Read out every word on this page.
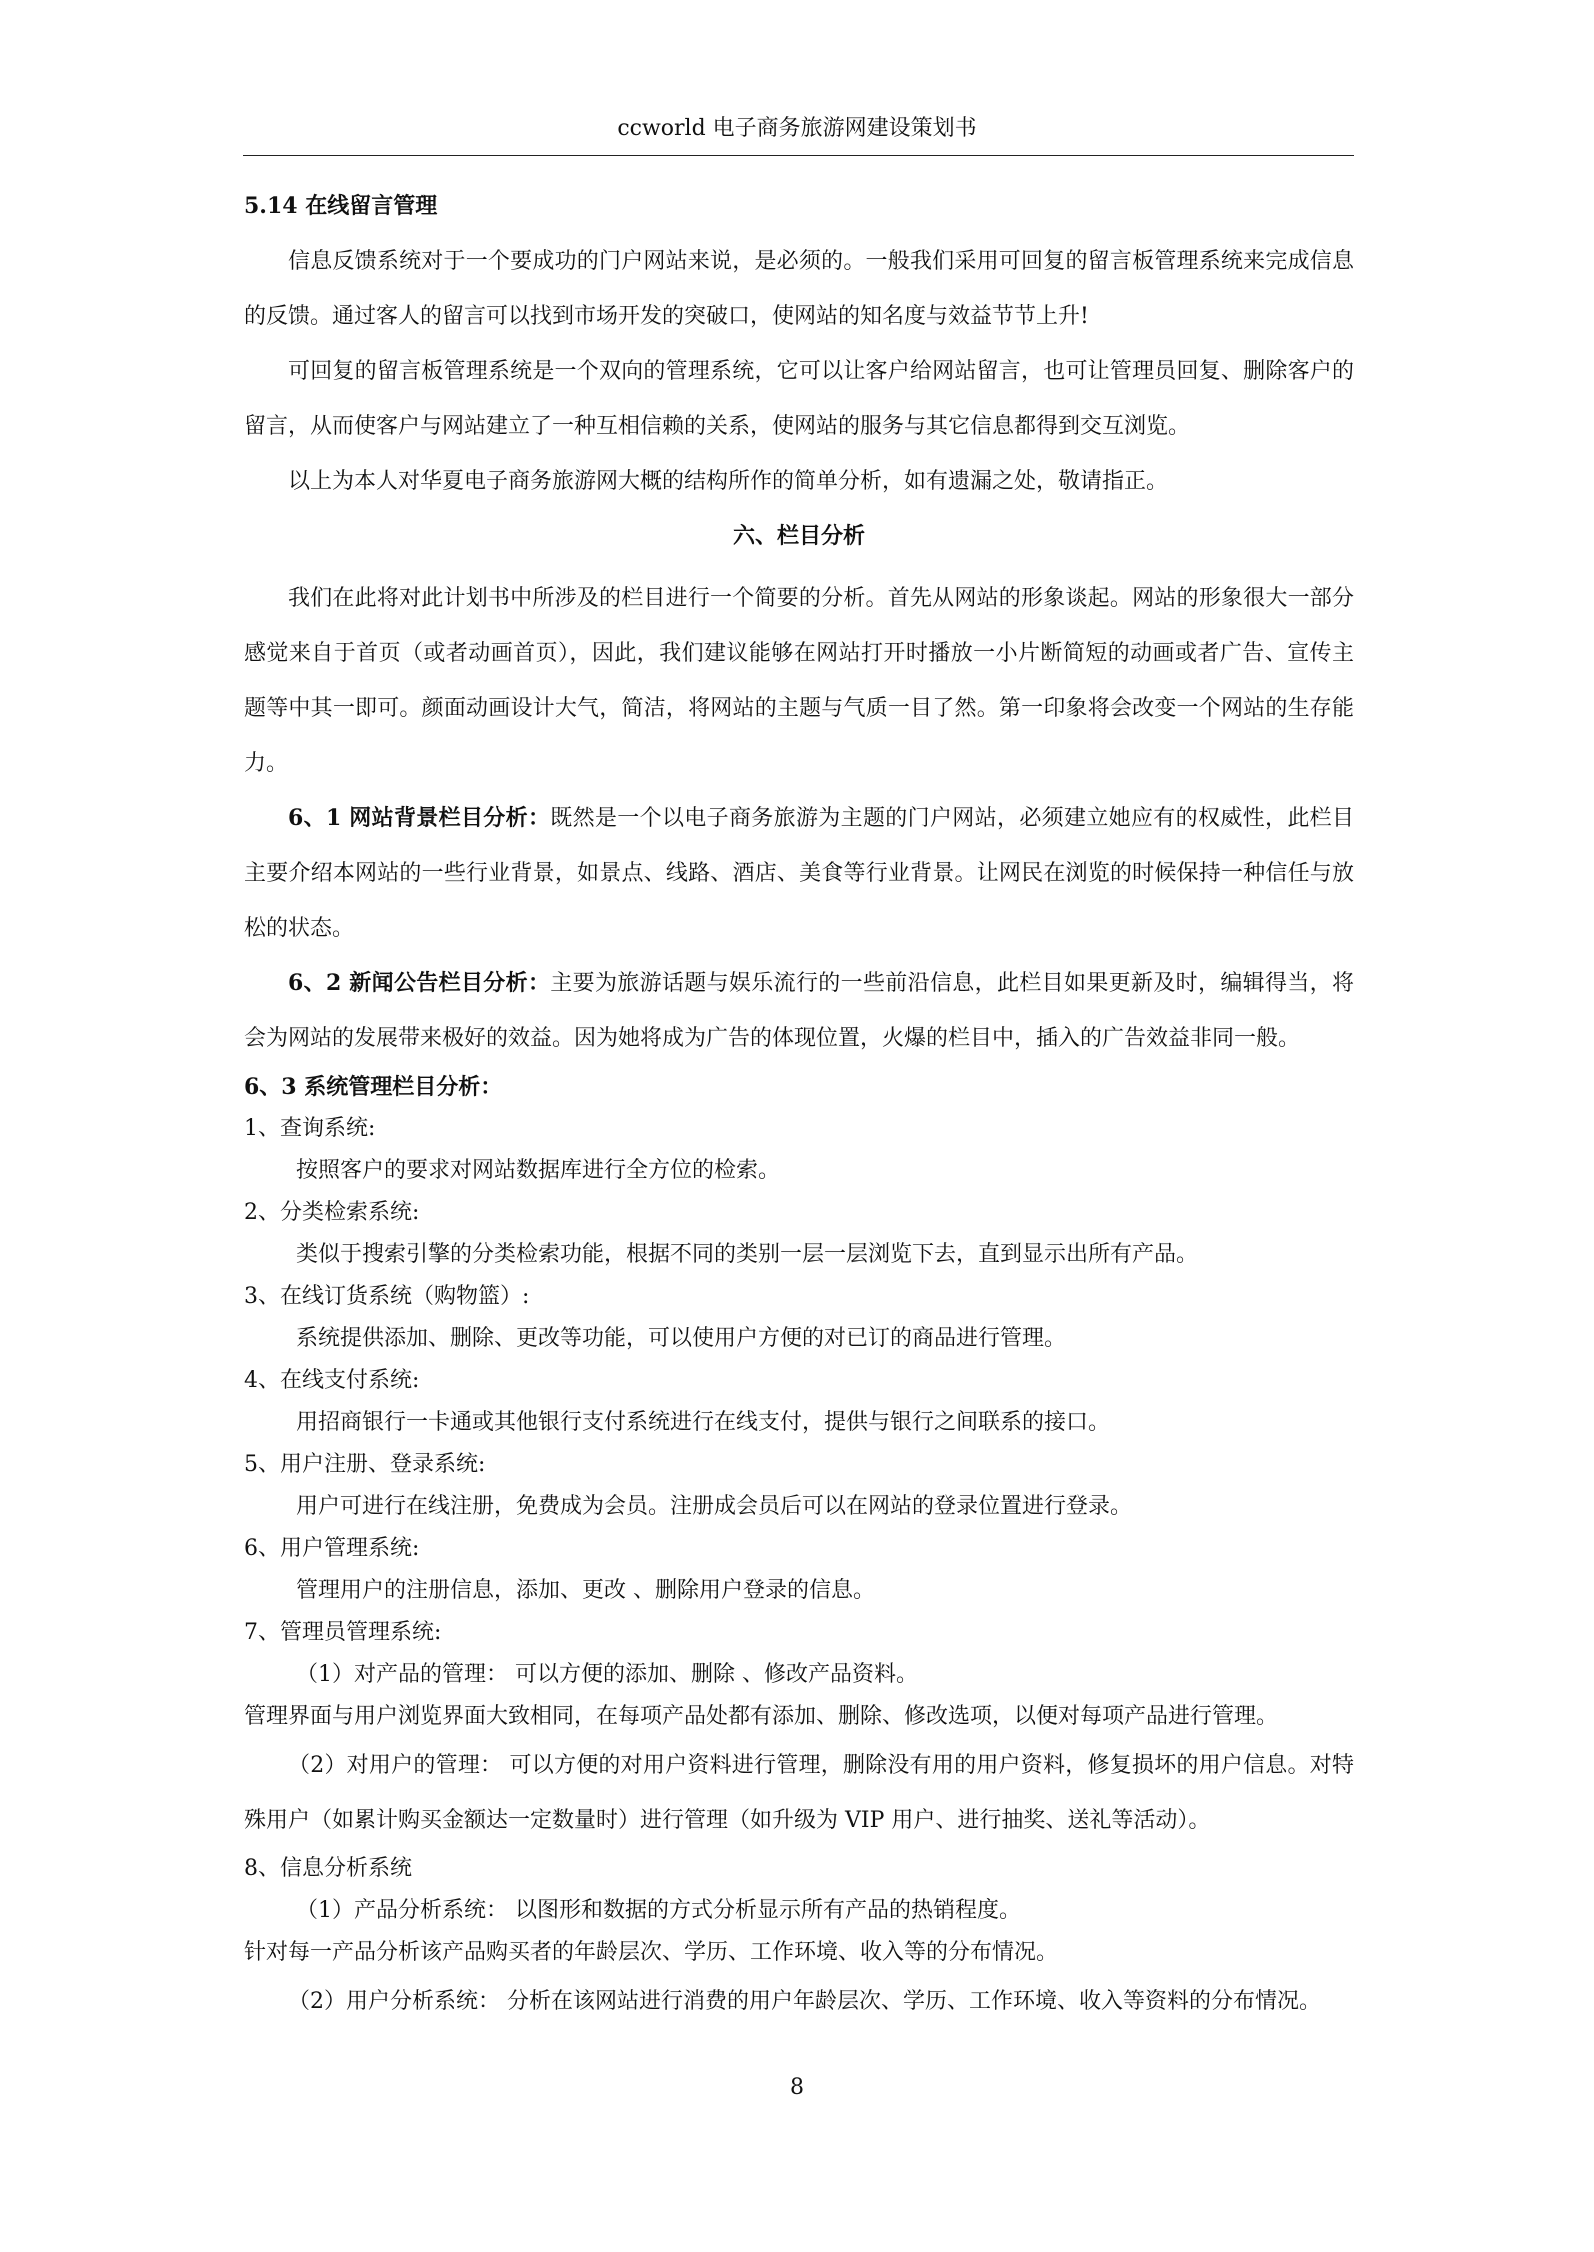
ccworld 电子商务旅游网建设策划书

5.14 在线留言管理

信息反馈系统对于一个要成功的门户网站来说，是必须的。一般我们采用可回复的留言板管理系统来完成信息的反馈。通过客人的留言可以找到市场开发的突破口，使网站的知名度与效益节节上升!

可回复的留言板管理系统是一个双向的管理系统，它可以让客户给网站留言，也可让管理员回复、删除客户的留言，从而使客户与网站建立了一种互相信赖的关系，使网站的服务与其它信息都得到交互浏览。

以上为本人对华夏电子商务旅游网大概的结构所作的简单分析，如有遗漏之处，敬请指正。

六、栏目分析

我们在此将对此计划书中所涉及的栏目进行一个简要的分析。首先从网站的形象谈起。网站的形象很大一部分感觉来自于首页（或者动画首页），因此，我们建议能够在网站打开时播放一小片断简短的动画或者广告、宣传主题等中其一即可。颜面动画设计大气，简洁，将网站的主题与气质一目了然。第一印象将会改变一个网站的生存能力。

6、1 网站背景栏目分析：既然是一个以电子商务旅游为主题的门户网站，必须建立她应有的权威性，此栏目主要介绍本网站的一些行业背景，如景点、线路、酒店、美食等行业背景。让网民在浏览的时候保持一种信任与放松的状态。

6、2 新闻公告栏目分析：主要为旅游话题与娱乐流行的一些前沿信息，此栏目如果更新及时，编辑得当，将会为网站的发展带来极好的效益。因为她将成为广告的体现位置，火爆的栏目中，插入的广告效益非同一般。

6、3 系统管理栏目分析：

1、查询系统:

按照客户的要求对网站数据库进行全方位的检索。

2、分类检索系统:

类似于搜索引擎的分类检索功能，根据不同的类别一层一层浏览下去，直到显示出所有产品。

3、在线订货系统（购物篮）:

系统提供添加、删除、更改等功能，可以使用户方便的对已订的商品进行管理。

4、在线支付系统:

用招商银行一卡通或其他银行支付系统进行在线支付，提供与银行之间联系的接口。

5、用户注册、登录系统:

用户可进行在线注册，免费成为会员。注册成会员后可以在网站的登录位置进行登录。

6、用户管理系统:

管理用户的注册信息，添加、更改 、删除用户登录的信息。

7、管理员管理系统:

（1）对产品的管理： 可以方便的添加、删除 、修改产品资料。

管理界面与用户浏览界面大致相同，在每项产品处都有添加、删除、修改选项，以便对每项产品进行管理。

（2）对用户的管理： 可以方便的对用户资料进行管理，删除没有用的用户资料，修复损坏的用户信息。对特殊用户（如累计购买金额达一定数量时）进行管理（如升级为 VIP 用户、进行抽奖、送礼等活动）。

8、信息分析系统

（1）产品分析系统： 以图形和数据的方式分析显示所有产品的热销程度。

针对每一产品分析该产品购买者的年龄层次、学历、工作环境、收入等的分布情况。

（2）用户分析系统： 分析在该网站进行消费的用户年龄层次、学历、工作环境、收入等资料的分布情况。

8
